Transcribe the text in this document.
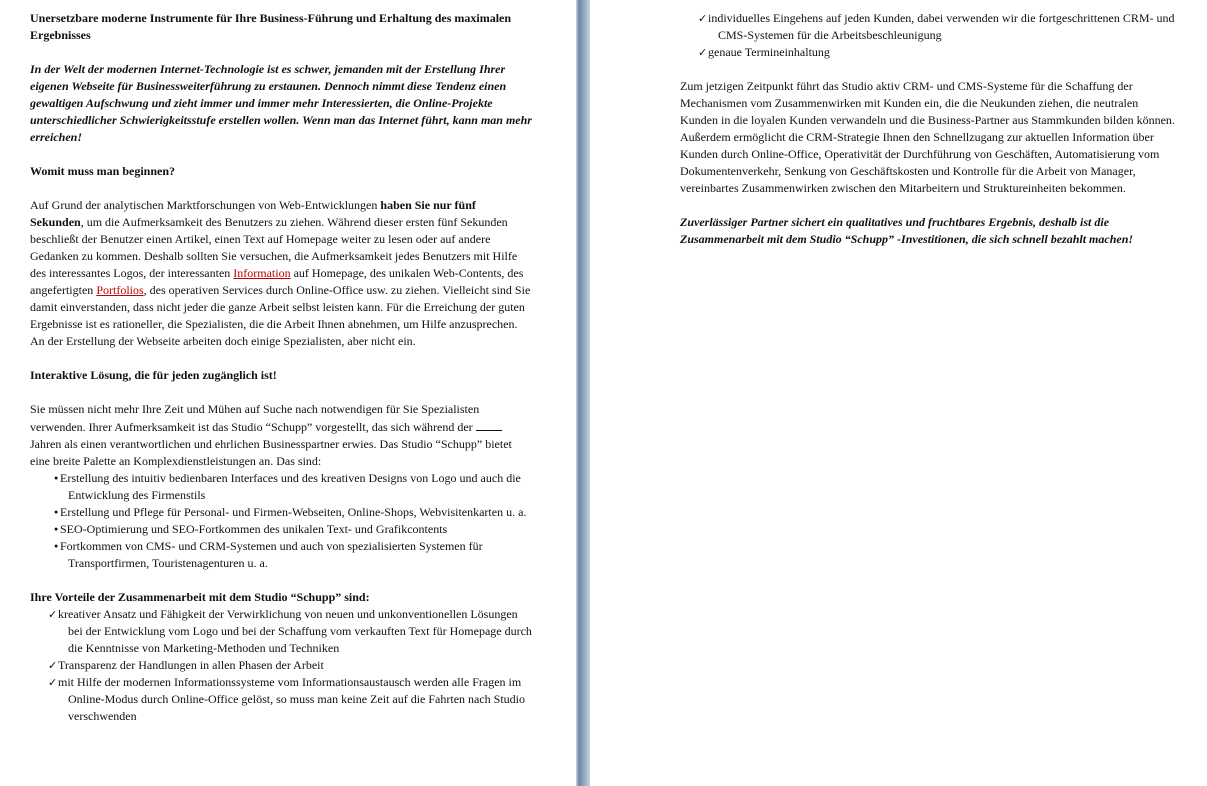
Unersetzbare moderne Instrumente für Ihre Business-Führung und Erhaltung des maximalen Ergebnisses

In der Welt der modernen Internet-Technologie ist es schwer, jemanden mit der Erstellung Ihrer eigenen Webseite für Businessweiterführung zu erstaunen. Dennoch nimmt diese Tendenz einen gewaltigen Aufschwung und zieht immer und immer mehr Interessierten, die Online-Projekte unterschiedlicher Schwierigkeitsstufe erstellen wollen. Wenn man das Internet führt, kann man mehr erreichen!

Womit muss man beginnen?

Auf Grund der analytischen Marktforschungen von Web-Entwicklungen haben Sie nur fünf Sekunden, um die Aufmerksamkeit des Benutzers zu ziehen. Während dieser ersten fünf Sekunden beschließt der Benutzer einen Artikel, einen Text auf Homepage weiter zu lesen oder auf andere Gedanken zu kommen. Deshalb sollten Sie versuchen, die Aufmerksamkeit jedes Benutzers mit Hilfe des interessantes Logos, der interessanten Information auf Homepage, des unikalen Web-Contents, des angefertigten Portfolios, des operativen Services durch Online-Office usw. zu ziehen. Vielleicht sind Sie damit einverstanden, dass nicht jeder die ganze Arbeit selbst leisten kann. Für die Erreichung der guten Ergebnisse ist es rationeller, die Spezialisten, die die Arbeit Ihnen abnehmen, um Hilfe anzusprechen. An der Erstellung der Webseite arbeiten doch einige Spezialisten, aber nicht ein.

Interaktive Lösung, die für jeden zugänglich ist!

Sie müssen nicht mehr Ihre Zeit und Mühen auf Suche nach notwendigen für Sie Spezialisten verwenden. Ihrer Aufmerksamkeit ist das Studio “Schupp” vorgestellt, das sich während der  Jahren als einen verantwortlichen und ehrlichen Businesspartner erwies. Das Studio “Schupp” bietet eine breite Palette an Komplexdienstleistungen an. Das sind:

● Erstellung des intuitiv bedienbaren Interfaces und des kreativen Designs von Logo und auch die Entwicklung des Firmenstils
● Erstellung und Pflege für Personal- und Firmen-Webseiten, Online-Shops, Webvisitenkarten u. a.
● SEO-Optimierung und SEO-Fortkommen des unikalen Text- und Grafikcontents
● Fortkommen von CMS- und CRM-Systemen und auch von spezialisierten Systemen für Transportfirmen, Touristenagenturen u. a.
Ihre Vorteile der Zusammenarbeit mit dem Studio “Schupp” sind:
✓ kreativer Ansatz und Fähigkeit der Verwirklichung von neuen und unkonventionellen Lösungen bei der Entwicklung vom Logo und bei der Schaffung vom verkauften Text für Homepage durch die Kenntnisse von Marketing-Methoden und Techniken
✓ Transparenz der Handlungen in allen Phasen der Arbeit
✓ mit Hilfe der modernen Informationssysteme vom Informationsaustausch werden alle Fragen im Online-Modus durch Online-Office gelöst, so muss man keine Zeit auf die Fahrten nach Studio verschwenden
✓ individuelles Eingehens auf jeden Kunden, dabei verwenden wir die fortgeschrittenen CRM- und CMS-Systemen für die Arbeitsbeschleunigung
✓ genaue Termineinhaltung

Zum jetzigen Zeitpunkt führt das Studio aktiv CRM- und CMS-Systeme für die Schaffung der Mechanismen vom Zusammenwirken mit Kunden ein, die die Neukunden ziehen, die neutralen Kunden in die loyalen Kunden verwandeln und die Business-Partner aus Stammkunden bilden können. Außerdem ermöglicht die CRM-Strategie Ihnen den Schnellzugang zur aktuellen Information über Kunden durch Online-Office, Operativität der Durchführung von Geschäften, Automatisierung vom Dokumentenverkehr, Senkung von Geschäftskosten und Kontrolle für die Arbeit von Manager, vereinbartes Zusammenwirken zwischen den Mitarbeitern und Struktureinheiten bekommen.

Zuverlässiger Partner sichert ein qualitatives und fruchtbares Ergebnis, deshalb ist die Zusammenarbeit mit dem Studio “Schupp” -Investitionen, die sich schnell bezahlt machen!
